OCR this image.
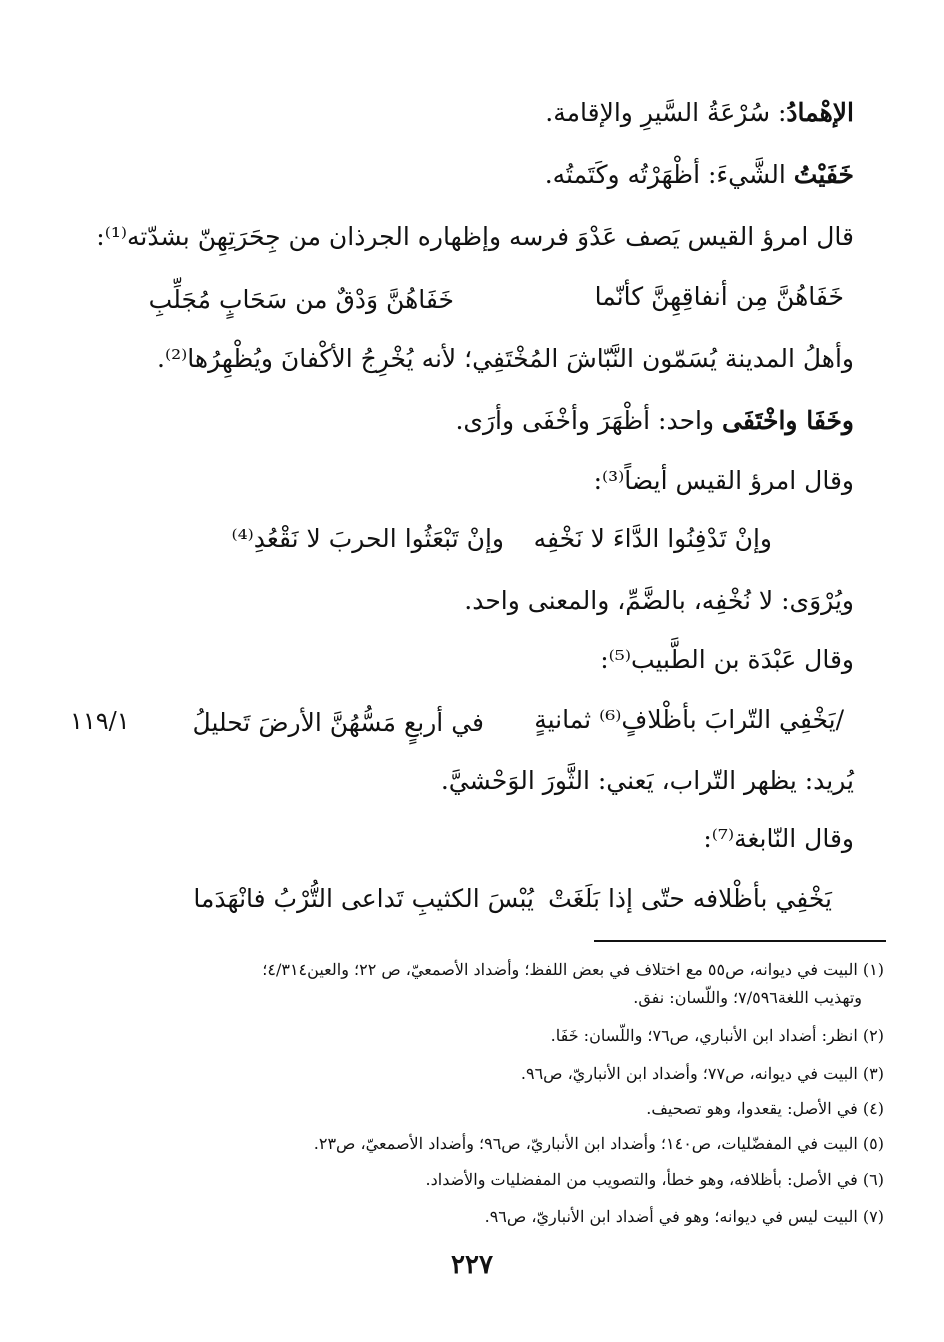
الإهْمادُ: سُرْعَةُ السَّيرِ والإقامة.
خَفَيْتُ الشَّيءَ: أظْهَرْتُه وكَتَمتُه.
قال امرؤ القيس يَصف عَدْوَ فرسه وإظهاره الجرذان من جِحَرَتِهِنّ بشدّته⁽¹⁾:
خَفَاهُنَّ مِن أنفاقِهِنَّ كأنّما
خَفَاهُنَّ وَدْقٌ من سَحَابٍ مُجَلِّبِ
وأهلُ المدينة يُسَمّون النَّبّاشَ المُخْتَفِي؛ لأنه يُخْرِجُ الأكْفانَ ويُظْهِرُها⁽²⁾.
وخَفَا واخْتَفَى واحد: أظْهَرَ وأخْفَى وأرَى.
وقال امرؤ القيس أيضاً⁽³⁾:
وإنْ تَدْفِنُوا الدَّاءَ لا نَخْفِه
وإنْ تَبْعَثُوا الحربَ لا نَقْعُدِ⁽⁴⁾
ويُرْوَى: لا نُخْفِه، بالضَّمِّ، والمعنى واحد.
وقال عَبْدَة بن الطَّبيب⁽⁵⁾:
/يَخْفِي التّرابَ بأظْلافٍ⁽⁶⁾ ثمانيةٍ
في أربعٍ مَسُّهُنَّ الأرضَ تَحليلُ
١١٩/١
يُريد: يظهر التّراب، يَعني: الثَّورَ الوَحْشيَّ.
وقال النّابغة⁽⁷⁾:
يَخْفِي بأظْلافه حتّى إذا بَلَغَتْ
يُبْسَ الكثيبِ تَداعى التُّرْبُ فانْهَدَما
(١) البيت في ديوانه، ص٥٥ مع اختلاف في بعض اللفظ؛ وأضداد الأصمعيّ، ص ٢٢؛ والعين٤/٣١٤؛
وتهذيب اللغة٧/٥٩٦؛ واللّسان: نفق.
(٢) انظر: أضداد ابن الأنباري، ص٧٦؛ واللّسان: خَفَا.
(٣) البيت في ديوانه، ص٧٧؛ وأضداد ابن الأنباريّ، ص٩٦.
(٤) في الأصل: يقعدوا، وهو تصحيف.
(٥) البيت في المفضّليات، ص١٤٠؛ وأضداد ابن الأنباريّ، ص٩٦؛ وأضداد الأصمعيّ، ص٢٣.
(٦) في الأصل: بأظلافه، وهو خطأ، والتصويب من المفضليات والأضداد.
(٧) البيت ليس في ديوانه؛ وهو في أضداد ابن الأنباريّ، ص٩٦.
٢٢٧
